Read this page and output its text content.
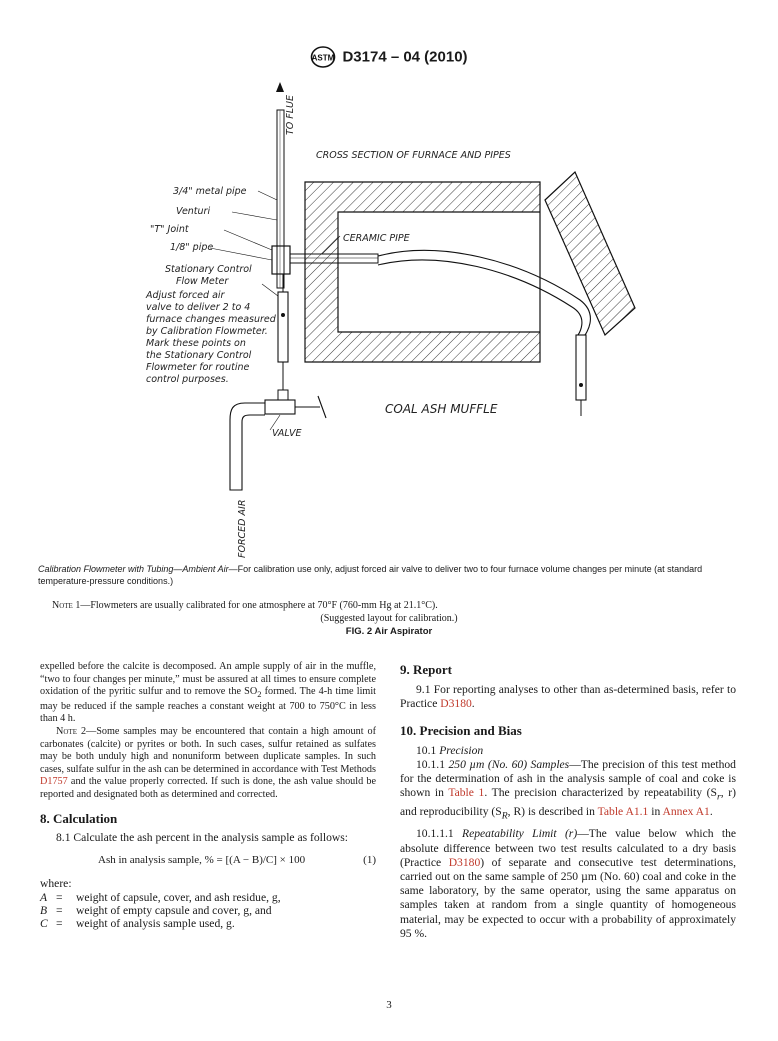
ASTM D3174 – 04 (2010)
TO FLUE
CROSS SECTION OF FURNACE AND PIPES
3/4" metal pipe
Venturi
"T" Joint
1/8" pipe
Stationary Control
Flow Meter
CERAMIC PIPE
Adjust forced air
valve to deliver 2 to 4
furnace changes measured
by Calibration Flowmeter.
Mark these points on
the Stationary Control
Flowmeter for routine
control purposes.
COAL ASH MUFFLE
VALVE
FORCED AIR
Calibration Flowmeter with Tubing—Ambient Air—For calibration use only, adjust forced air valve to deliver two to four furnace volume changes per minute (at standard temperature-pressure conditions.)
Note 1—Flowmeters are usually calibrated for one atmosphere at 70°F (760-mm Hg at 21.1°C).
(Suggested layout for calibration.)
FIG. 2 Air Aspirator

expelled before the calcite is decomposed. An ample supply of air in the muffle, “two to four changes per minute,” must be assured at all times to ensure complete oxidation of the pyritic sulfur and to remove the $SO_2$ formed. The 4-h time limit may be reduced if the sample reaches a constant weight at 700 to 750°C in less than 4 h.

Note 2—Some samples may be encountered that contain a high amount of carbonates (calcite) or pyrites or both. In such cases, sulfur retained as sulfates may be both unduly high and nonuniform between duplicate samples. In such cases, sulfate sulfur in the ash can be determined in accordance with Test Methods D1757 and the value properly corrected. If such is done, the ash value should be reported and designated both as determined and corrected.

8. Calculation

8.1 Calculate the ash percent in the analysis sample as follows:

Ash in analysis sample, % = [(A − B)/C] × 100	(1)

where:

A	=	weight of capsule, cover, and ash residue, g,
B	=	weight of empty capsule and cover, g, and
C	=	weight of analysis sample used, g.
9. Report

9.1 For reporting analyses to other than as-determined basis, refer to Practice D3180.

10. Precision and Bias

10.1 Precision

10.1.1 250 µm (No. 60) Samples—The precision of this test method for the determination of ash in the analysis sample of coal and coke is shown in Table 1. The precision characterized by repeatability ($S_r$, r) and reproducibility ($S_R$, R) is described in Table A1.1 in Annex A1.

10.1.1.1 Repeatability Limit (r)—The value below which the absolute difference between two test results calculated to a dry basis (Practice D3180) of separate and consecutive test determinations, carried out on the same sample of 250 µm (No. 60) coal and coke in the same laboratory, by the same operator, using the same apparatus on samples taken at random from a single quantity of homogeneous material, may be expected to occur with a probability of approximately 95 %.

3
